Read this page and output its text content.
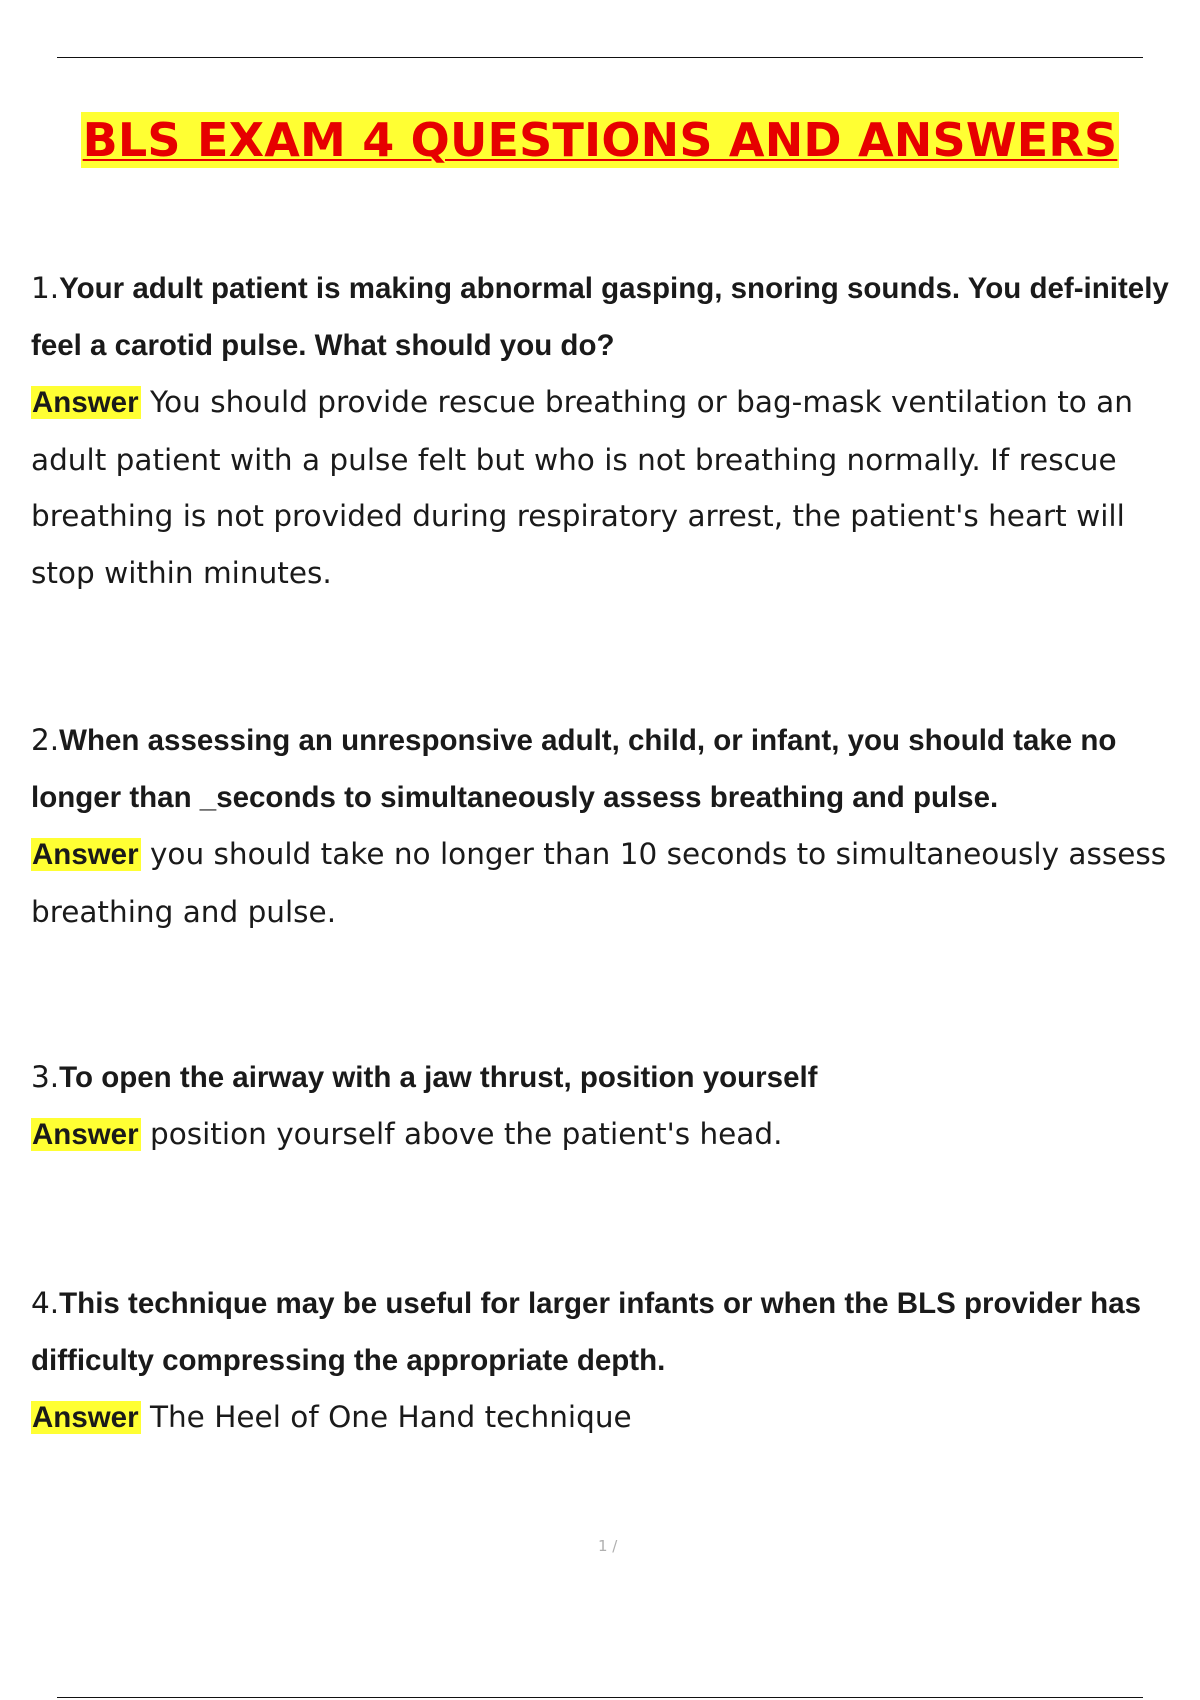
BLS EXAM 4 QUESTIONS AND ANSWERS

1.Your adult patient is making abnormal gasping, snoring sounds. You def-initely feel a carotid pulse. What should you do?

Answer You should provide rescue breathing or bag-mask ventilation to an adult patient with a pulse felt but who is not breathing normally. If rescue breathing is not provided during respiratory arrest, the patient's heart will stop within minutes.

2.When assessing an unresponsive adult, child, or infant, you should take no longer than _seconds to simultaneously assess breathing and pulse.

Answer you should take no longer than 10 seconds to simultaneously assess breathing and pulse.

3.To open the airway with a jaw thrust, position yourself

Answer position yourself above the patient's head.

4.This technique may be useful for larger infants or when the BLS provider has difficulty compressing the appropriate depth.

Answer The Heel of One Hand technique

1 /
